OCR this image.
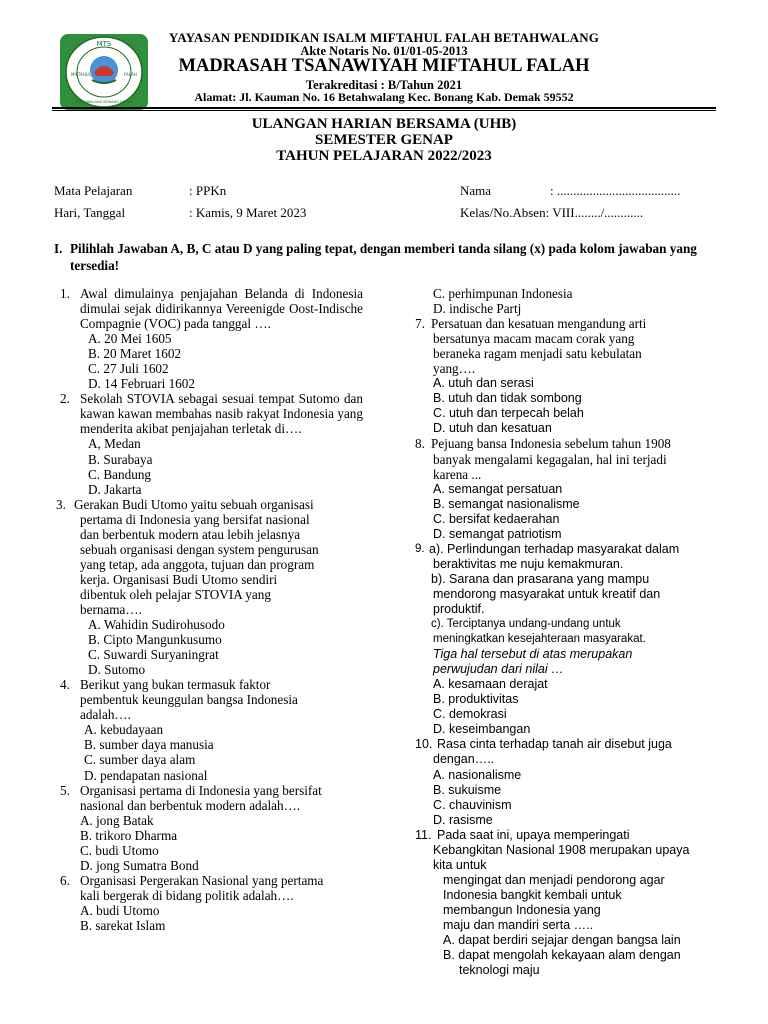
MTS
MIFTAHUL	FALAH
BETAHWALANG BONANG DEMAK
YAYASAN PENDIDIKAN ISALM MIFTAHUL FALAH BETAHWALANG
Akte Notaris No. 01/01-05-2013
MADRASAH TSANAWIYAH MIFTAHUL FALAH
Terakreditasi : B/Tahun 2021
Alamat: Jl. Kauman No. 16 Betahwalang Kec. Bonang Kab. Demak 59552
ULANGAN HARIAN BERSAMA (UHB)
SEMESTER GENAP
TAHUN PELAJARAN 2022/2023
Mata Pelajaran	: PPKn
Hari, Tanggal	: Kamis, 9 Maret 2023
Nama	: ......................................
Kelas/No.Absen: VIII......../............
I. Pilihlah Jawaban A, B, C atau D yang paling tepat, dengan memberi tanda silang (x) pada kolom jawaban yang tersedia!
1. Awal dimulainya penjajahan Belanda di Indonesia dimulai sejak didirikannya Vereenigde Oost-Indische Compagnie (VOC) pada tanggal ….
A. 20 Mei 1605
B. 20 Maret 1602
C. 27 Juli 1602
D. 14 Februari 1602
2. Sekolah STOVIA sebagai sesuai tempat Sutomo dan kawan kawan membahas nasib rakyat Indonesia yang menderita akibat penjajahan terletak di….
A, Medan
B. Surabaya
C. Bandung
D. Jakarta
3. Gerakan Budi Utomo yaitu sebuah organisasi
pertama di Indonesia yang bersifat nasional
dan berbentuk modern atau lebih jelasnya
sebuah organisasi dengan system pengurusan
yang tetap, ada anggota, tujuan dan program
kerja. Organisasi Budi Utomo sendiri
dibentuk oleh pelajar STOVIA yang
bernama….
A. Wahidin Sudirohusodo
B. Cipto Mangunkusumo
C. Suwardi Suryaningrat
D. Sutomo
4. Berikut yang bukan termasuk faktor
pembentuk keunggulan bangsa Indonesia
adalah….
A. kebudayaan
B. sumber daya manusia
C. sumber daya alam
D. pendapatan nasional
5. Organisasi pertama di Indonesia yang bersifat
nasional dan berbentuk modern adalah….
A. jong Batak
B. trikoro Dharma
C. budi Utomo
D. jong Sumatra Bond
6. Organisasi Pergerakan Nasional yang pertama
kali bergerak di bidang politik adalah….
A. budi Utomo
B. sarekat Islam
C. perhimpunan Indonesia
D. indische Partj
7. Persatuan dan kesatuan mengandung arti
bersatunya macam macam corak yang
beraneka ragam menjadi satu kebulatan
yang….
A. utuh dan serasi
B. utuh dan tidak sombong
C. utuh dan terpecah belah
D. utuh dan kesatuan
8. Pejuang bansa Indonesia sebelum tahun 1908
banyak mengalami kegagalan, hal ini terjadi
karena ...
A. semangat persatuan
B. semangat nasionalisme
C. bersifat kedaerahan
D. semangat patriotism
9. a). Perlindungan terhadap masyarakat dalam
beraktivitas me nuju kemakmuran.
b). Sarana dan prasarana yang mampu
mendorong masyarakat untuk kreatif dan
produktif.
c). Terciptanya undang-undang untuk
meningkatkan kesejahteraan masyarakat.
Tiga hal tersebut di atas merupakan
perwujudan dari nilai …
A. kesamaan derajat
B. produktivitas
C. demokrasi
D. keseimbangan
10. Rasa cinta terhadap tanah air disebut juga
dengan…..
A. nasionalisme
B. sukuisme
C. chauvinism
D. rasisme
11. Pada saat ini, upaya memperingati
Kebangkitan Nasional 1908 merupakan upaya
kita untuk
mengingat dan menjadi pendorong agar
Indonesia bangkit kembali untuk
membangun Indonesia yang
maju dan mandiri serta …..
A. dapat berdiri sejajar dengan bangsa lain
B. dapat mengolah kekayaan alam dengan
teknologi maju
